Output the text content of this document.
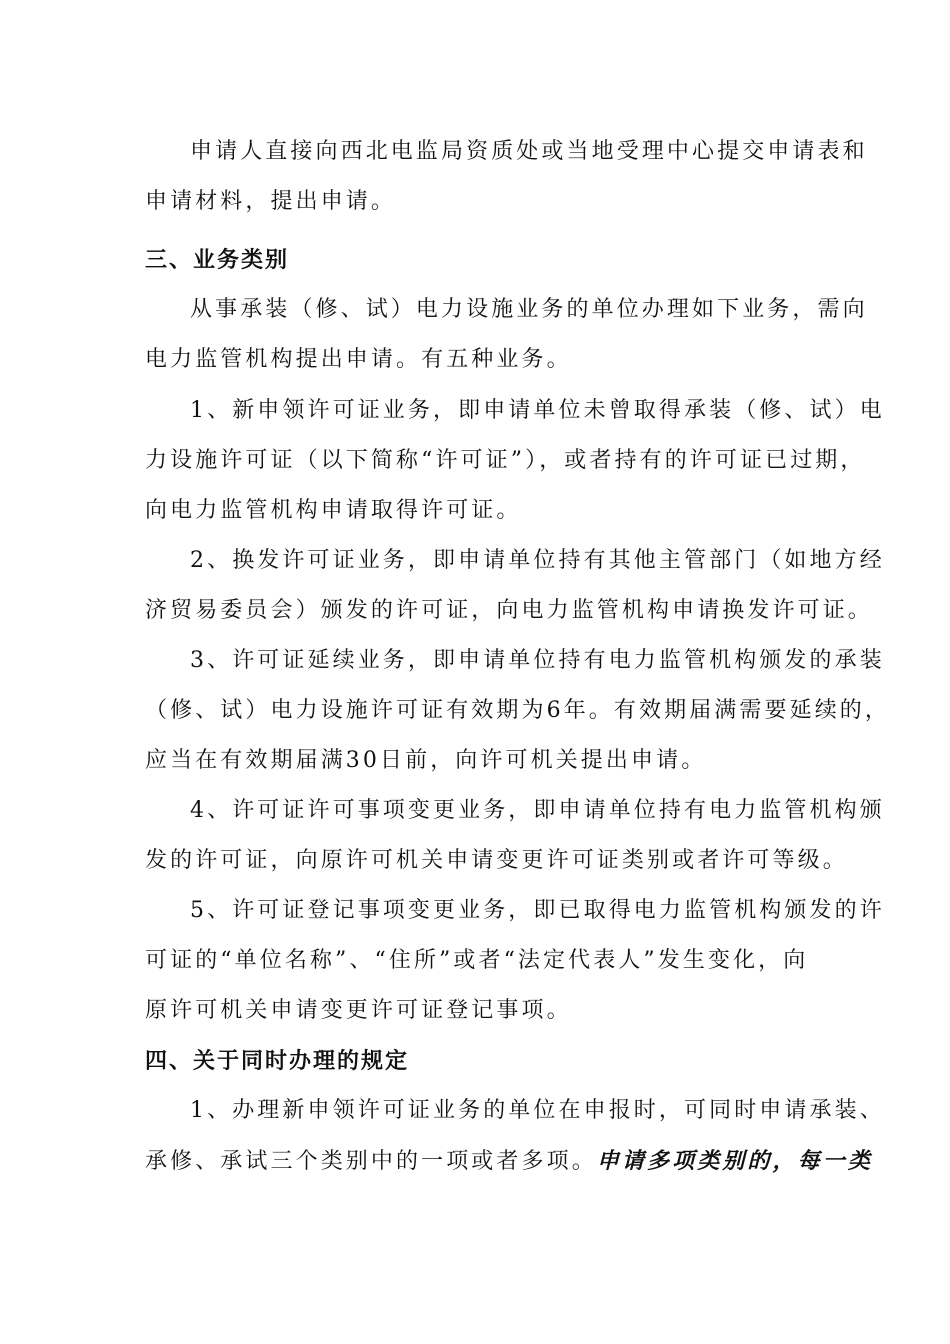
申请人直接向西北电监局资质处或当地受理中心提交申请表和
申请材料，提出申请。
三、业务类别
从事承装（修、试）电力设施业务的单位办理如下业务，需向
电力监管机构提出申请。有五种业务。
1、新申领许可证业务，即申请单位未曾取得承装（修、试）电
力设施许可证（以下简称“许可证”），或者持有的许可证已过期，
向电力监管机构申请取得许可证。
2、换发许可证业务，即申请单位持有其他主管部门（如地方经
济贸易委员会）颁发的许可证，向电力监管机构申请换发许可证。
3、许可证延续业务，即申请单位持有电力监管机构颁发的承装
（修、试）电力设施许可证有效期为6年。有效期届满需要延续的，
应当在有效期届满30日前，向许可机关提出申请。
4、许可证许可事项变更业务，即申请单位持有电力监管机构颁
发的许可证，向原许可机关申请变更许可证类别或者许可等级。
5、许可证登记事项变更业务，即已取得电力监管机构颁发的许
可证的“单位名称”、“住所”或者“法定代表人”发生变化，向
原许可机关申请变更许可证登记事项。
四、关于同时办理的规定
1、办理新申领许可证业务的单位在申报时，可同时申请承装、
承修、承试三个类别中的一项或者多项。申请多项类别的，每一类
